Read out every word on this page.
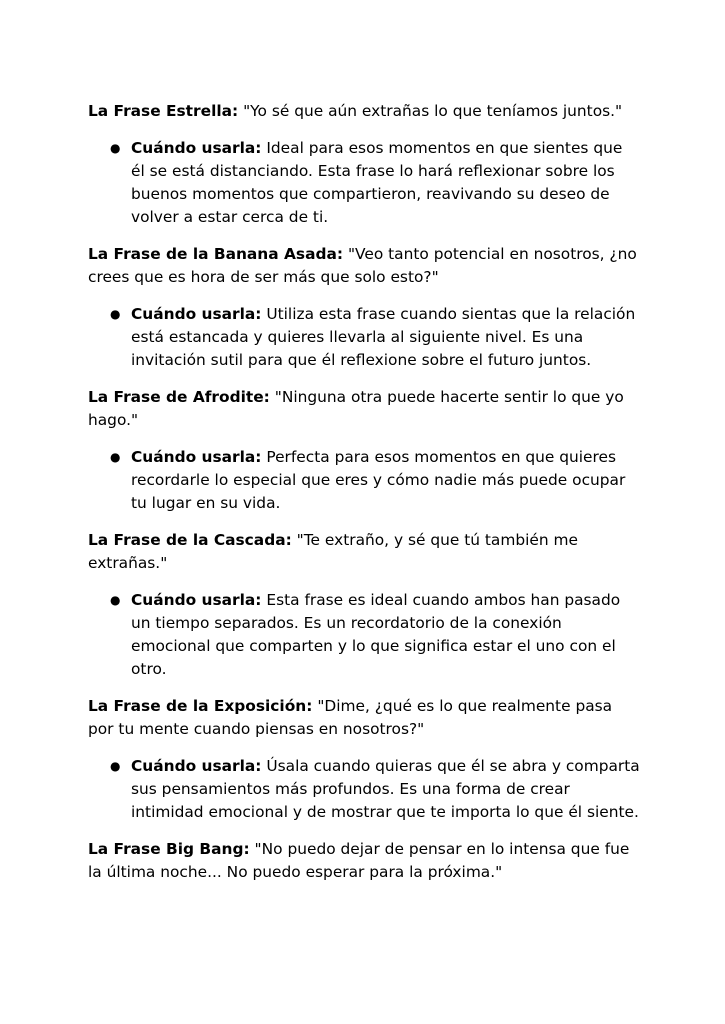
La Frase Estrella: "Yo sé que aún extrañas lo que teníamos juntos."

● Cuándo usarla: Ideal para esos momentos en que sientes que él se está distanciando. Esta frase lo hará reflexionar sobre los buenos momentos que compartieron, reavivando su deseo de volver a estar cerca de ti.

La Frase de la Banana Asada: "Veo tanto potencial en nosotros, ¿no crees que es hora de ser más que solo esto?"

● Cuándo usarla: Utiliza esta frase cuando sientas que la relación está estancada y quieres llevarla al siguiente nivel. Es una invitación sutil para que él reflexione sobre el futuro juntos.

La Frase de Afrodite: "Ninguna otra puede hacerte sentir lo que yo hago."

● Cuándo usarla: Perfecta para esos momentos en que quieres recordarle lo especial que eres y cómo nadie más puede ocupar tu lugar en su vida.

La Frase de la Cascada: "Te extraño, y sé que tú también me extrañas."

● Cuándo usarla: Esta frase es ideal cuando ambos han pasado un tiempo separados. Es un recordatorio de la conexión emocional que comparten y lo que significa estar el uno con el otro.

La Frase de la Exposición: "Dime, ¿qué es lo que realmente pasa por tu mente cuando piensas en nosotros?"

● Cuándo usarla: Úsala cuando quieras que él se abra y comparta sus pensamientos más profundos. Es una forma de crear intimidad emocional y de mostrar que te importa lo que él siente.

La Frase Big Bang: "No puedo dejar de pensar en lo intensa que fue la última noche... No puedo esperar para la próxima."
